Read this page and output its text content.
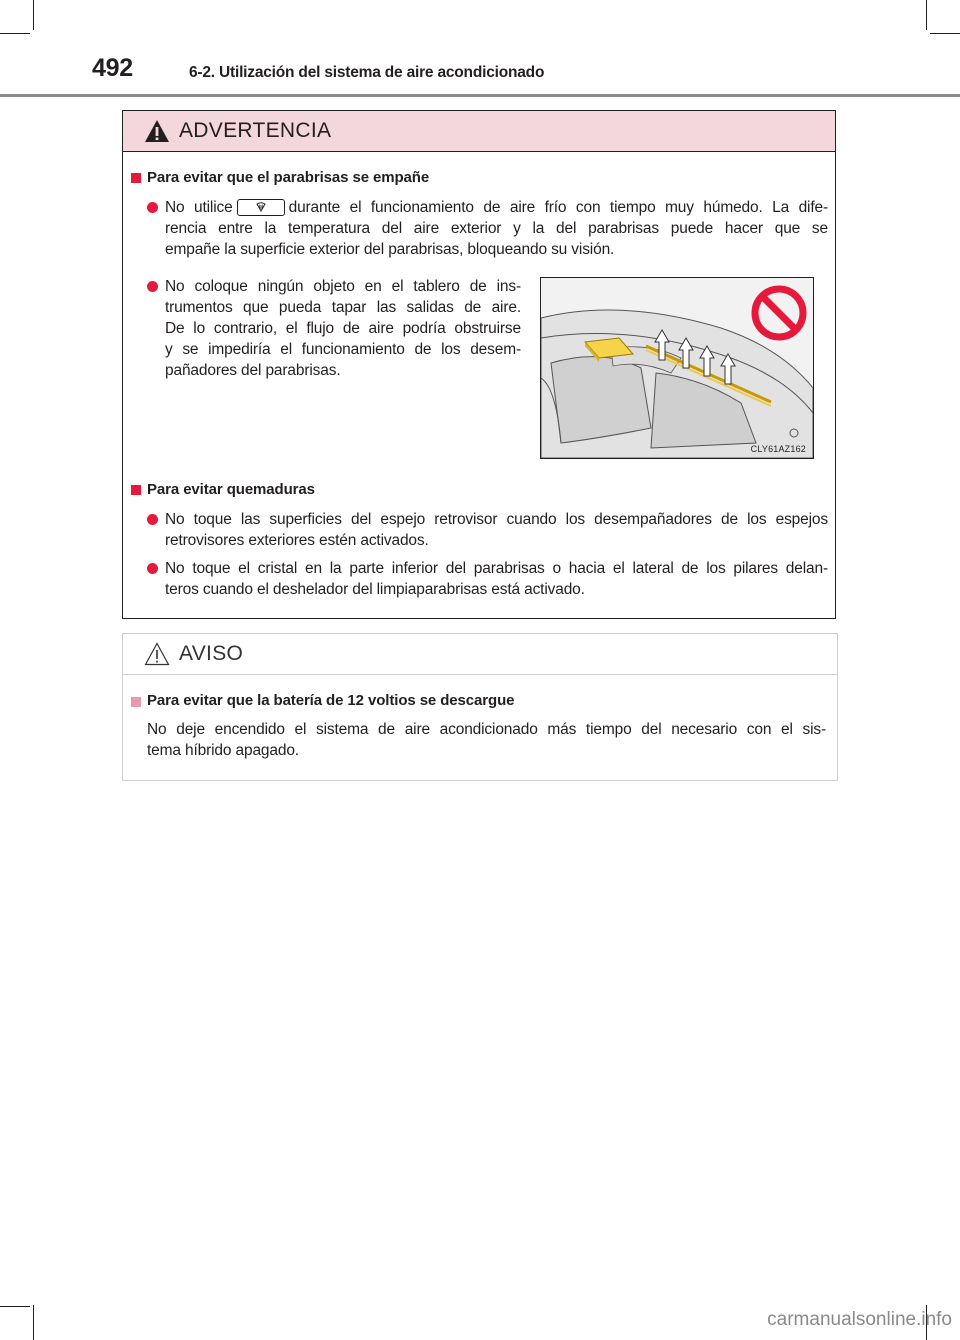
492	6-2. Utilización del sistema de aire acondicionado
ADVERTENCIA
Para evitar que el parabrisas se empañe
No utilice	durante el funcionamiento de aire frío con tiempo muy húmedo. La dife-
rencia entre la temperatura del aire exterior y la del parabrisas puede hacer que se
empañe la superficie exterior del parabrisas, bloqueando su visión.
No coloque ningún objeto en el tablero de ins-
trumentos que pueda tapar las salidas de aire.
De lo contrario, el flujo de aire podría obstruirse
y se impediría el funcionamiento de los desem-
pañadores del parabrisas.
CLY61AZ162
Para evitar quemaduras
No toque las superficies del espejo retrovisor cuando los desempañadores de los espejos
retrovisores exteriores estén activados.
No toque el cristal en la parte inferior del parabrisas o hacia el lateral de los pilares delan-
teros cuando el deshelador del limpiaparabrisas está activado.
AVISO
Para evitar que la batería de 12 voltios se descargue
No deje encendido el sistema de aire acondicionado más tiempo del necesario con el sis-
tema híbrido apagado.
carmanualsonline.info
